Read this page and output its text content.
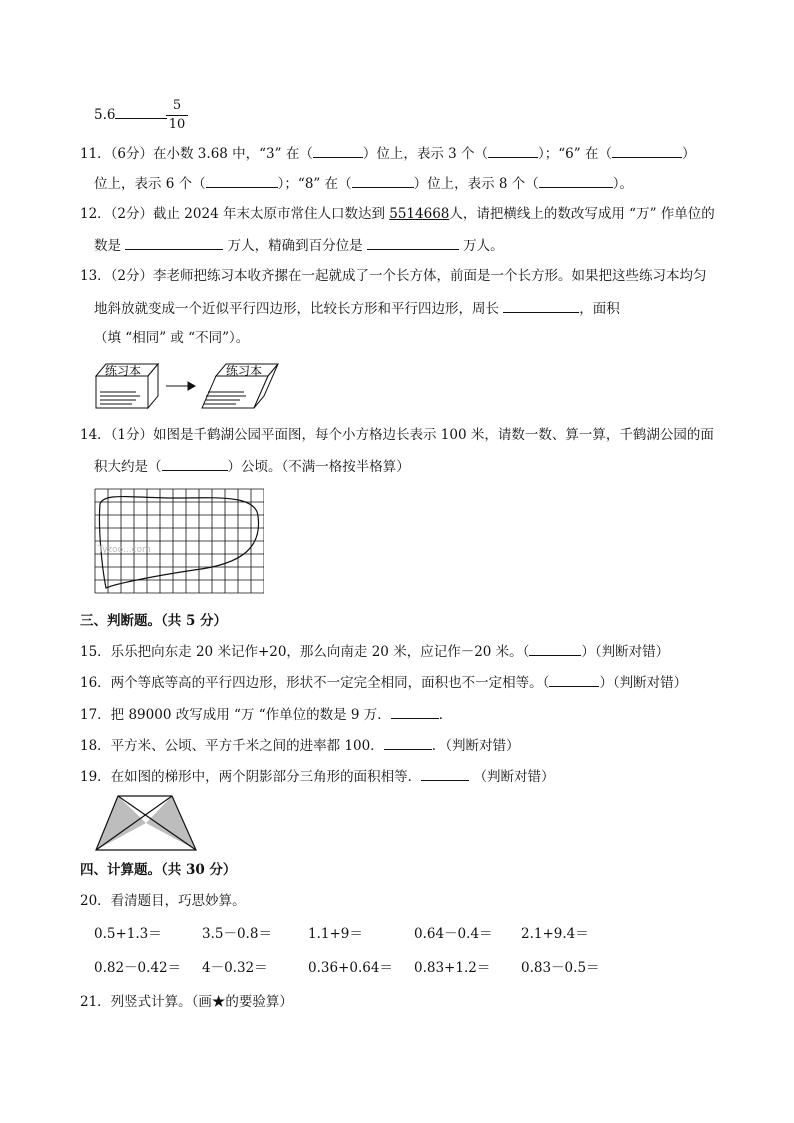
5.6
5
10
11．（6分）在小数 3.68 中，“3” 在（	）位上，表示 3 个（	）；“6” 在（	）
位上，表示 6 个（	）；“8” 在（	）位上，表示 8 个（	）。
12．（2分）截止 2024 年末太原市常住人口数达到 5514668人，请把横线上的数改写成用 “万” 作单位的
数是	万人，精确到百分位是	万人。
13．（2分）李老师把练习本收齐摞在一起就成了一个长方体，前面是一个长方形。如果把这些练习本均匀
地斜放就变成一个近似平行四边形，比较长方形和平行四边形，周长	，面积
（填 “相同” 或 “不同”）。
练习本	练习本
14．（1分）如图是千鹤湖公园平面图，每个小方格边长表示 100 米，请数一数、算一算，千鹤湖公园的面
积大约是（	）公顷。（不满一格按半格算）
Tyzoo...com
三、判断题。（共 5 分）
15．乐乐把向东走 20 米记作+20，那么向南走 20 米，应记作－20 米。（	）（判断对错）
16．两个等底等高的平行四边形，形状不一定完全相同，面积也不一定相等。（	）（判断对错）
17．把 89000 改写成用 “万 “作单位的数是 9 万．	．
18．平方米、公顷、平方千米之间的进率都 100．	．（判断对错）
19．在如图的梯形中，两个阴影部分三角形的面积相等．	（判断对错）
四、计算题。（共 30 分）
20．看清题目，巧思妙算。
0.5+1.3＝	3.5－0.8＝	1.1+9＝	0.64－0.4＝ 2.1+9.4＝
0.82－0.42＝ 4－0.32＝	0.36+0.64＝ 0.83+1.2＝ 0.83－0.5＝
21．列竖式计算。（画★的要验算）
